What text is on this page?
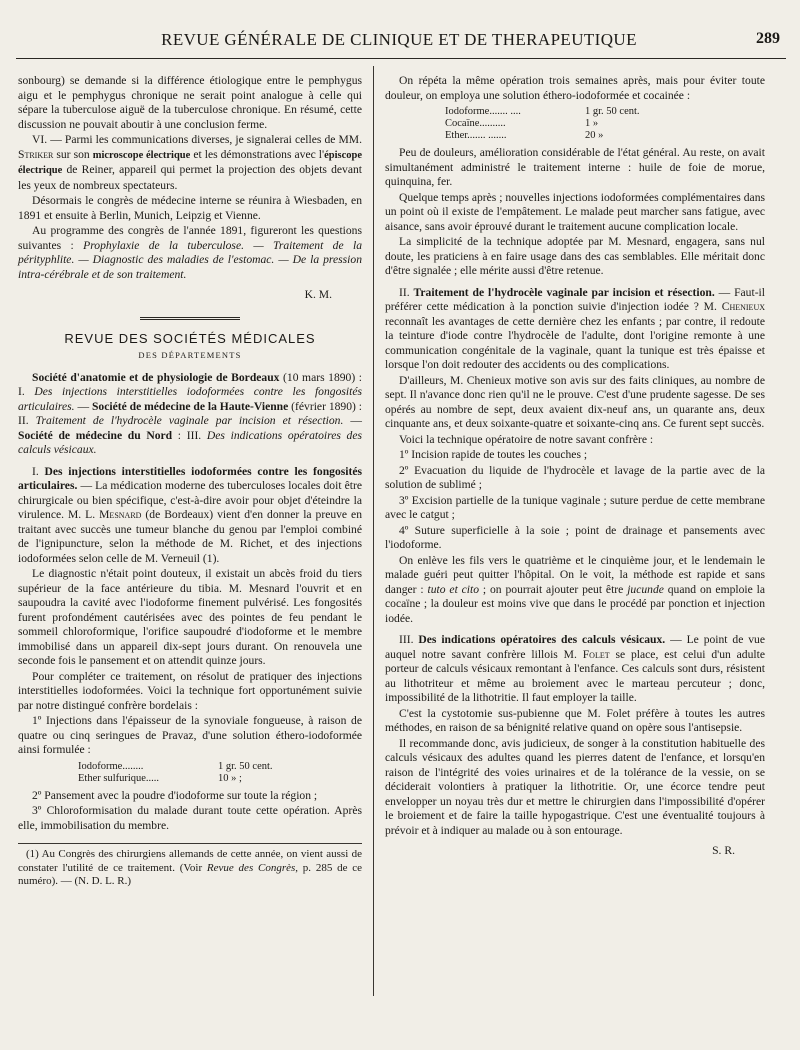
REVUE GÉNÉRALE DE CLINIQUE ET DE THERAPEUTIQUE	289

sonbourg) se demande si la différence étiologique entre le pemphygus aigu et le pemphygus chronique ne serait point analogue à celle qui sépare la tuberculose aiguë de la tuberculose chronique. En résumé, cette discussion ne pouvait aboutir à une conclusion ferme.

VI. — Parmi les communications diverses, je signalerai celles de MM. Striker sur son microscope électrique et les démonstrations avec l'épiscope électrique de Reiner, appareil qui permet la projection des objets devant les yeux de nombreux spectateurs.

Désormais le congrès de médecine interne se réunira à Wiesbaden, en 1891 et ensuite à Berlin, Munich, Leipzig et Vienne.

Au programme des congrès de l'année 1891, figureront les questions suivantes : Prophylaxie de la tuberculose. — Traitement de la pérityphlite. — Diagnostic des maladies de l'estomac. — De la pression intra-cérébrale et de son traitement.

K. M.

REVUE DES SOCIÉTÉS MÉDICALES
DES DÉPARTEMENTS

Société d'anatomie et de physiologie de Bordeaux (10 mars 1890) : I. Des injections interstitielles iodoformées contre les fongosités articulaires. — Société de médecine de la Haute-Vienne (février 1890) : II. Traitement de l'hydrocèle vaginale par incision et résection. — Société de médecine du Nord : III. Des indications opératoires des calculs vésicaux.

I. Des injections interstitielles iodoformées contre les fongosités articulaires. — La médication moderne des tuberculoses locales doit être chirurgicale ou bien spécifique, c'est-à-dire avoir pour objet d'éteindre la virulence. M. L. Mesnard (de Bordeaux) vient d'en donner la preuve en traitant avec succès une tumeur blanche du genou par l'emploi combiné de l'ignipuncture, selon la méthode de M. Richet, et des injections iodoformées selon celle de M. Verneuil (1).

Le diagnostic n'était point douteux, il existait un abcès froid du tiers supérieur de la face antérieure du tibia. M. Mesnard l'ouvrit et en saupoudra la cavité avec l'iodoforme finement pulvérisé. Les fongosités furent profondément cautérisées avec des pointes de feu pendant le sommeil chloroformique, l'orifice saupoudré d'iodoforme et le membre immobilisé dans un appareil dix-sept jours durant. On renouvela une seconde fois le pansement et on attendit quinze jours.

Pour compléter ce traitement, on résolut de pratiquer des injections interstitielles iodoformées. Voici la technique fort opportunément suivie par notre distingué confrère bordelais :

1º Injections dans l'épaisseur de la synoviale fongueuse, à raison de quatre ou cinq seringues de Pravaz, d'une solution éthero-iodoformée ainsi formulée :

Iodoforme........	1 gr. 50 cent.
Ether sulfurique.....	10 » ;

2º Pansement avec la poudre d'iodoforme sur toute la région ;

3º Chloroformisation du malade durant toute cette opération. Après elle, immobilisation du membre.

(1) Au Congrès des chirurgiens allemands de cette année, on vient aussi de constater l'utilité de ce traitement. (Voir Revue des Congrès, p. 285 de ce numéro). — (N. D. L. R.)

On répéta la même opération trois semaines après, mais pour éviter toute douleur, on employa une solution éthero-iodoformée et cocainée :

Iodoforme....... ....	1 gr. 50 cent.
Cocaïne..........	1 »
Ether....... .......	20 »

Peu de douleurs, amélioration considérable de l'état général. Au reste, on avait simultanément administré le traitement interne : huile de foie de morue, quinquina, fer.

Quelque temps après ; nouvelles injections iodoformées complémentaires dans un point où il existe de l'empâtement. Le malade peut marcher sans fatigue, avec aisance, sans avoir éprouvé durant le traitement aucune complication locale.

La simplicité de la technique adoptée par M. Mesnard, engagera, sans nul doute, les praticiens à en faire usage dans des cas semblables. Elle méritait donc d'être signalée ; elle mérite aussi d'être retenue.

II. Traitement de l'hydrocèle vaginale par incision et résection. — Faut-il préférer cette médication à la ponction suivie d'injection iodée ? M. Chenieux reconnaît les avantages de cette dernière chez les enfants ; par contre, il redoute la teinture d'iode contre l'hydrocèle de l'adulte, dont l'origine remonte à une communication congénitale de la vaginale, quant la tunique est très épaisse et lorsque l'on doit redouter des accidents ou des complications.

D'ailleurs, M. Chenieux motive son avis sur des faits cliniques, au nombre de sept. Il n'avance donc rien qu'il ne le prouve. C'est d'une prudente sagesse. De ses opérés au nombre de sept, deux avaient dix-neuf ans, un quarante ans, deux cinquante ans, et deux soixante-quatre et soixante-cinq ans. Ce furent sept succès.

Voici la technique opératoire de notre savant confrère :

1º Incision rapide de toutes les couches ;

2º Evacuation du liquide de l'hydrocèle et lavage de la partie avec de la solution de sublimé ;

3º Excision partielle de la tunique vaginale ; suture perdue de cette membrane avec le catgut ;

4º Suture superficielle à la soie ; point de drainage et pansements avec l'iodoforme.

On enlève les fils vers le quatrième et le cinquième jour, et le lendemain le malade guéri peut quitter l'hôpital. On le voit, la méthode est rapide et sans danger : tuto et cito ; on pourrait ajouter peut être jucunde quand on emploie la cocaïne ; la douleur est moins vive que dans le procédé par ponction et injection iodée.

III. Des indications opératoires des calculs vésicaux. — Le point de vue auquel notre savant confrère lillois M. Folet se place, est celui d'un adulte porteur de calculs vésicaux remontant à l'enfance. Ces calculs sont durs, résistent au lithotriteur et même au broiement avec le marteau percuteur ; donc, impossibilité de la lithotritie. Il faut employer la taille.

C'est la cystotomie sus-pubienne que M. Folet préfère à toutes les autres méthodes, en raison de sa bénignité relative quand on opère sous l'antisepsie.

Il recommande donc, avis judicieux, de songer à la constitution habituelle des calculs vésicaux des adultes quand les pierres datent de l'enfance, et lorsqu'en raison de l'intégrité des voies urinaires et de la tolérance de la vessie, on se déciderait volontiers à pratiquer la lithotritie. Or, une écorce tendre peut envelopper un noyau très dur et mettre le chirurgien dans l'impossibilité d'opérer le broiement et de faire la taille hypogastrique. C'est une éventualité toujours à prévoir et à indiquer au malade ou à son entourage.

S. R.
